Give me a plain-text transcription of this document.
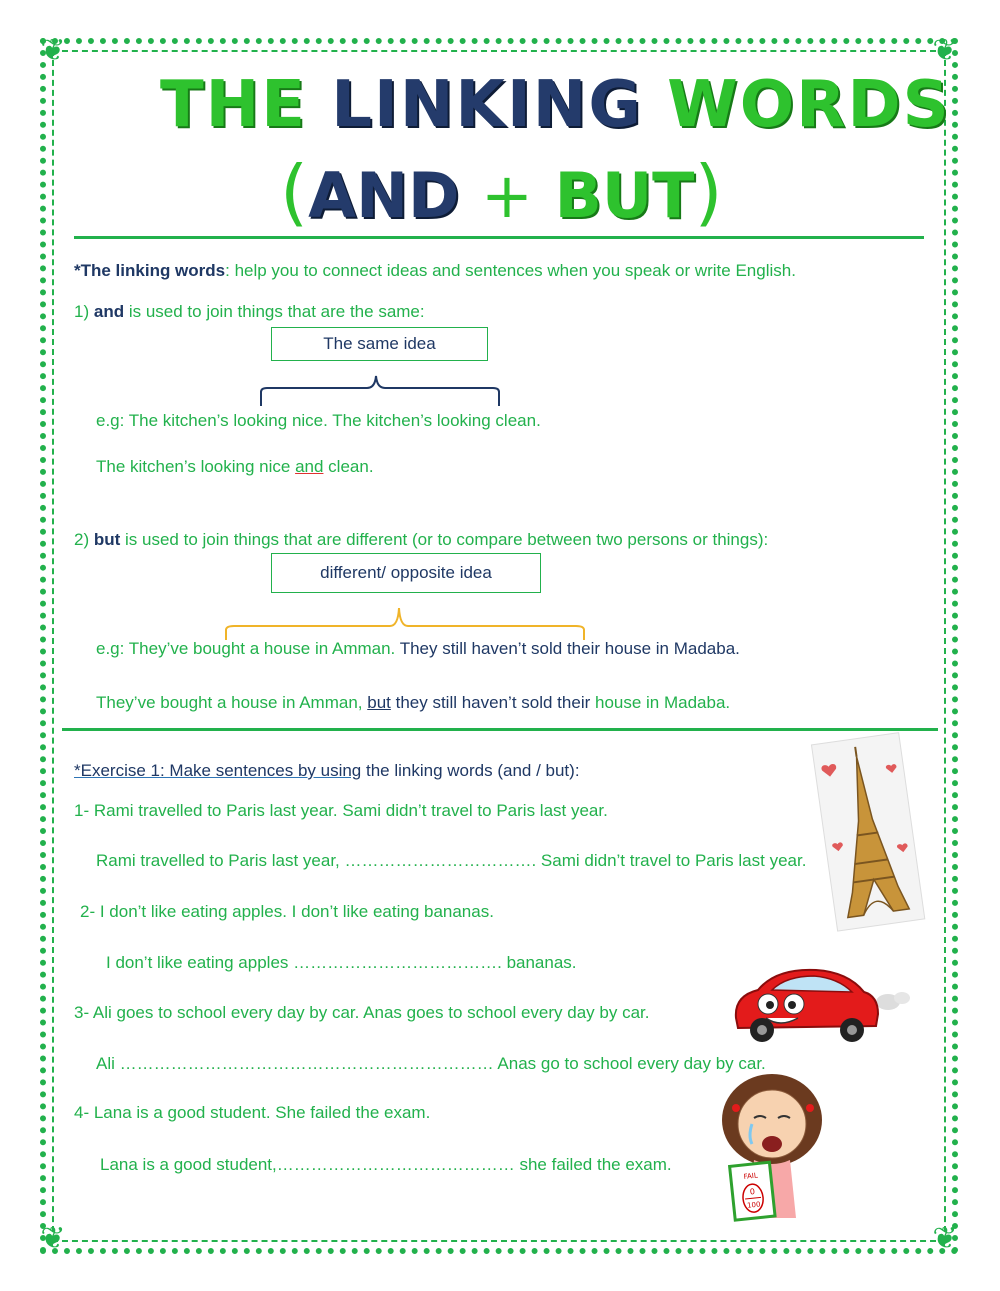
❦	❦
❦	❦
THE LINKING WORDS
(AND + BUT)
*The linking words: help you to connect ideas and sentences when you speak or write English.
1) and is used to join things that are the same:
The same idea
e.g: The kitchen’s looking nice. The kitchen’s looking clean.
The kitchen’s looking nice and clean.
2) but is used to join things that are different (or to compare between two persons or things):
different/ opposite idea
e.g: They’ve bought a house in Amman. They still haven’t sold their house in Madaba.
They’ve bought a house in Amman, but they still haven’t sold their house in Madaba.
*Exercise 1: Make sentences by using the linking words (and / but):
1- Rami travelled to Paris last year. Sami didn’t travel to Paris last year.
Rami travelled to Paris last year, ……………………………. Sami didn’t travel to Paris last year.
2- I don’t like eating apples. I don’t like eating bananas.
I don’t like eating apples ………………………………. bananas.
3- Ali goes to school every day by car. Anas goes to school every day by car.
Ali ………………………………………………………… Anas go to school every day by car.
4- Lana is a good student. She failed the exam.
Lana is a good student,…………………………………… she failed the exam.
FAIL
0
100
